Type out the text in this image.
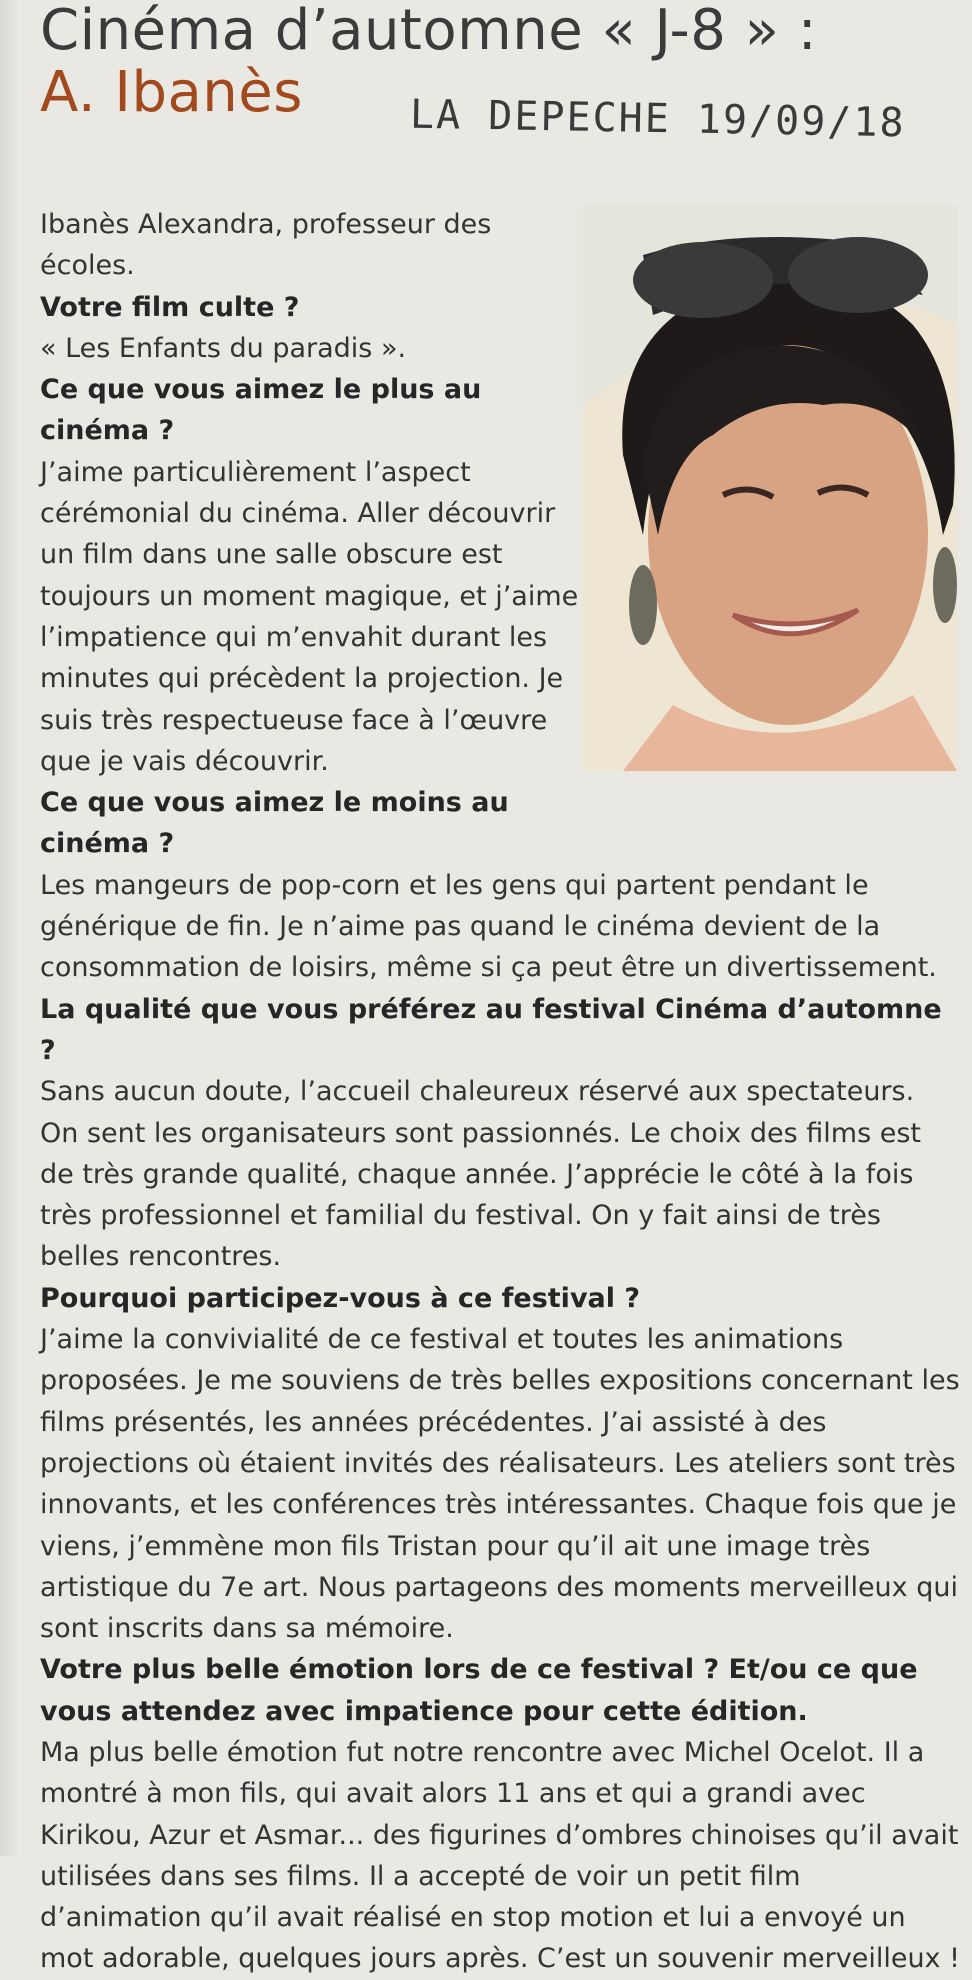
Cinéma d’automne « J-8 » :
A. Ibanès	LA DEPECHE 19/09/18

Ibanès Alexandra, professeur des écoles.

Votre film culte ?

« Les Enfants du paradis ».

Ce que vous aimez le plus au cinéma ?

J’aime particulièrement l’aspect cérémonial du cinéma. Aller découvrir un film dans une salle obscure est toujours un moment magique, et j’aime l’impatience qui m’envahit durant les minutes qui précèdent la projection. Je suis très respectueuse face à l’œuvre que je vais découvrir.

Ce que vous aimez le moins au cinéma ?

Les mangeurs de pop-corn et les gens qui partent pendant le générique de fin. Je n’aime pas quand le cinéma devient de la consommation de loisirs, même si ça peut être un divertissement.

La qualité que vous préférez au festival Cinéma d’automne ?

Sans aucun doute, l’accueil chaleureux réservé aux spectateurs. On sent les organisateurs sont passionnés. Le choix des films est de très grande qualité, chaque année. J’apprécie le côté à la fois très professionnel et familial du festival. On y fait ainsi de très belles rencontres.

Pourquoi participez-vous à ce festival ?

J’aime la convivialité de ce festival et toutes les animations proposées. Je me souviens de très belles expositions concernant les films présentés, les années précédentes. J’ai assisté à des projections où étaient invités des réalisateurs. Les ateliers sont très innovants, et les conférences très intéressantes. Chaque fois que je viens, j’emmène mon fils Tristan pour qu’il ait une image très artistique du 7e art. Nous partageons des moments merveilleux qui sont inscrits dans sa mémoire.

Votre plus belle émotion lors de ce festival ? Et/ou ce que vous attendez avec impatience pour cette édition.

Ma plus belle émotion fut notre rencontre avec Michel Ocelot. Il a montré à mon fils, qui avait alors 11 ans et qui a grandi avec Kirikou, Azur et Asmar... des figurines d’ombres chinoises qu’il avait utilisées dans ses films. Il a accepté de voir un petit film d’animation qu’il avait réalisé en stop motion et lui a envoyé un mot adorable, quelques jours après. C’est un souvenir merveilleux !
